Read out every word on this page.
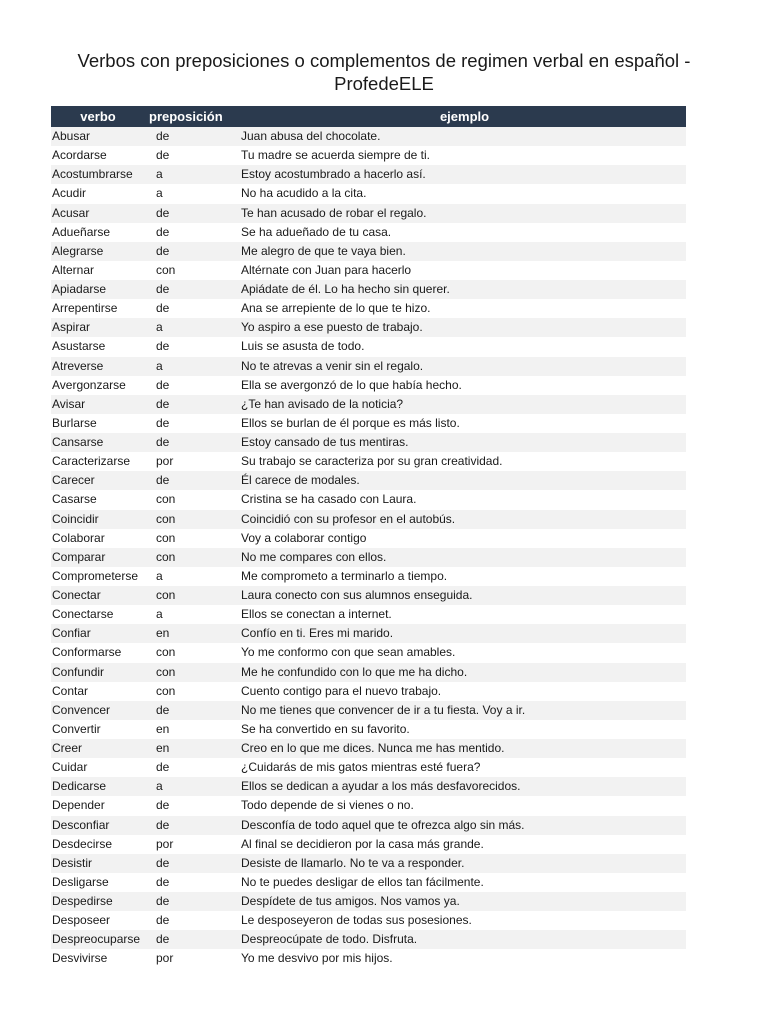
Verbos con preposiciones o complementos de regimen verbal en español -
ProfedeELE
verbo	preposición	ejemplo
Abusar	de	Juan abusa del chocolate.
Acordarse	de	Tu madre se acuerda siempre de ti.
Acostumbrarse	a	Estoy acostumbrado a hacerlo así.
Acudir	a	No ha acudido a la cita.
Acusar	de	Te han acusado de robar el regalo.
Adueñarse	de	Se ha adueñado de tu casa.
Alegrarse	de	Me alegro de que te vaya bien.
Alternar	con	Altérnate con Juan para hacerlo
Apiadarse	de	Apiádate de él. Lo ha hecho sin querer.
Arrepentirse	de	Ana se arrepiente de lo que te hizo.
Aspirar	a	Yo aspiro a ese puesto de trabajo.
Asustarse	de	Luis se asusta de todo.
Atreverse	a	No te atrevas a venir sin el regalo.
Avergonzarse	de	Ella se avergonzó de lo que había hecho.
Avisar	de	¿Te han avisado de la noticia?
Burlarse	de	Ellos se burlan de él porque es más listo.
Cansarse	de	Estoy cansado de tus mentiras.
Caracterizarse	por	Su trabajo se caracteriza por su gran creatividad.
Carecer	de	Él carece de modales.
Casarse	con	Cristina se ha casado con Laura.
Coincidir	con	Coincidió con su profesor en el autobús.
Colaborar	con	Voy a colaborar contigo
Comparar	con	No me compares con ellos.
Comprometerse	a	Me comprometo a terminarlo a tiempo.
Conectar	con	Laura conecto con sus alumnos enseguida.
Conectarse	a	Ellos se conectan a internet.
Confiar	en	Confío en ti. Eres mi marido.
Conformarse	con	Yo me conformo con que sean amables.
Confundir	con	Me he confundido con lo que me ha dicho.
Contar	con	Cuento contigo para el nuevo trabajo.
Convencer	de	No me tienes que convencer de ir a tu fiesta. Voy a ir.
Convertir	en	Se ha convertido en su favorito.
Creer	en	Creo en lo que me dices. Nunca me has mentido.
Cuidar	de	¿Cuidarás de mis gatos mientras esté fuera?
Dedicarse	a	Ellos se dedican a ayudar a los más desfavorecidos.
Depender	de	Todo depende de si vienes o no.
Desconfiar	de	Desconfía de todo aquel que te ofrezca algo sin más.
Desdecirse	por	Al final se decidieron por la casa más grande.
Desistir	de	Desiste de llamarlo. No te va a responder.
Desligarse	de	No te puedes desligar de ellos tan fácilmente.
Despedirse	de	Despídete de tus amigos. Nos vamos ya.
Desposeer	de	Le desposeyeron de todas sus posesiones.
Despreocuparse	de	Despreocúpate de todo. Disfruta.
Desvivirse	por	Yo me desvivo por mis hijos.
